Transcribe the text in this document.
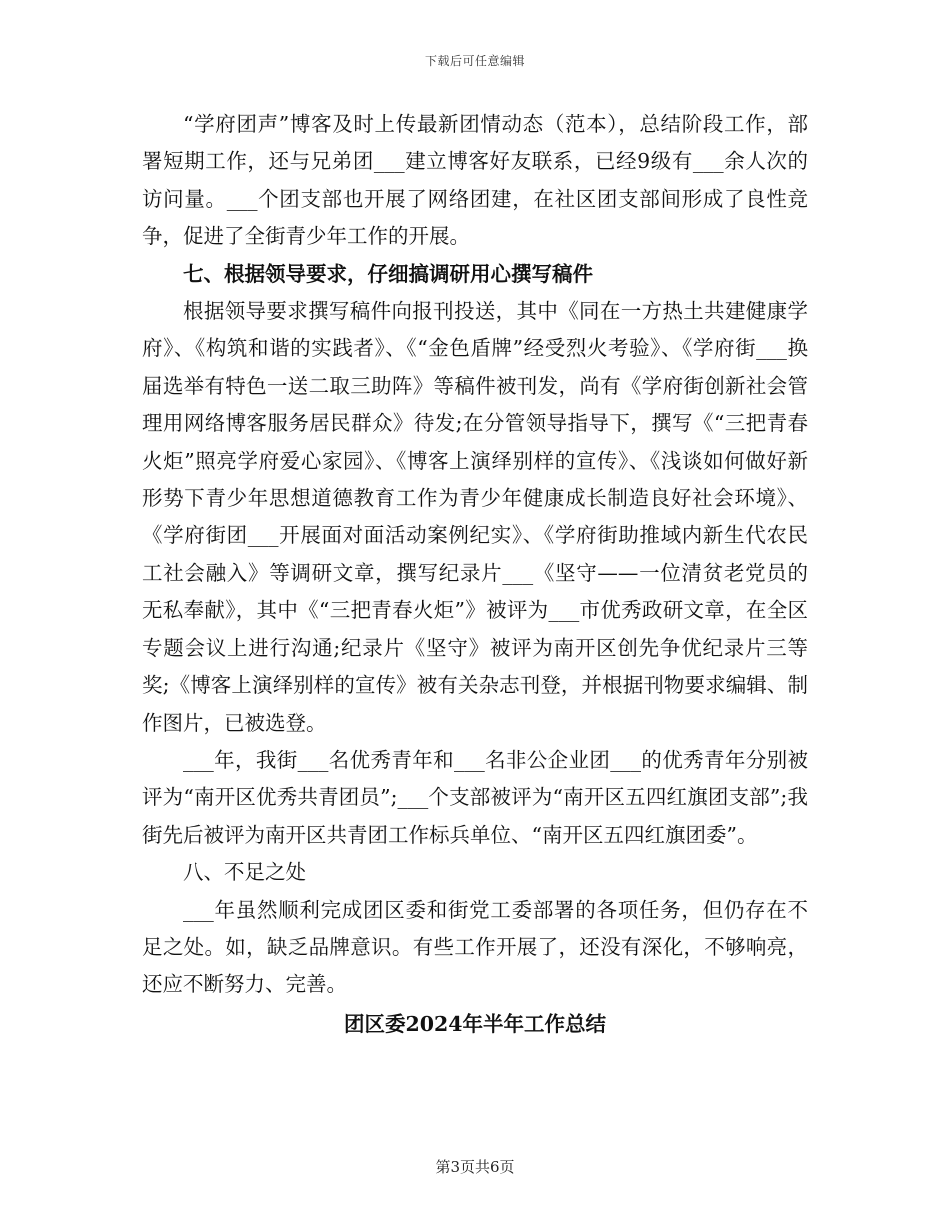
下载后可任意编辑

“学府团声”博客及时上传最新团情动态（范本），总结阶段工作，部署短期工作，还与兄弟团___建立博客好友联系，已经9级有___余人次的访问量。___个团支部也开展了网络团建，在社区团支部间形成了良性竞争，促进了全街青少年工作的开展。

七、根据领导要求，仔细搞调研用心撰写稿件

根据领导要求撰写稿件向报刊投送，其中《同在一方热土共建健康学府》、《构筑和谐的实践者》、《“金色盾牌”经受烈火考验》、《学府街___换届选举有特色一送二取三助阵》等稿件被刊发，尚有《学府街创新社会管理用网络博客服务居民群众》待发;在分管领导指导下，撰写《“三把青春火炬”照亮学府爱心家园》、《博客上演绎别样的宣传》、《浅谈如何做好新形势下青少年思想道德教育工作为青少年健康成长制造良好社会环境》、《学府街团___开展面对面活动案例纪实》、《学府街助推域内新生代农民工社会融入》等调研文章，撰写纪录片___《坚守——一位清贫老党员的无私奉献》，其中《“三把青春火炬”》被评为___市优秀政研文章，在全区专题会议上进行沟通;纪录片《坚守》被评为南开区创先争优纪录片三等奖;《博客上演绎别样的宣传》被有关杂志刊登，并根据刊物要求编辑、制作图片，已被选登。

___年，我街___名优秀青年和___名非公企业团___的优秀青年分别被评为“南开区优秀共青团员”;___个支部被评为“南开区五四红旗团支部”;我街先后被评为南开区共青团工作标兵单位、“南开区五四红旗团委”。

八、不足之处

___年虽然顺利完成团区委和街党工委部署的各项任务，但仍存在不足之处。如，缺乏品牌意识。有些工作开展了，还没有深化，不够响亮，还应不断努力、完善。

团区委2024年半年工作总结

第3页共6页
